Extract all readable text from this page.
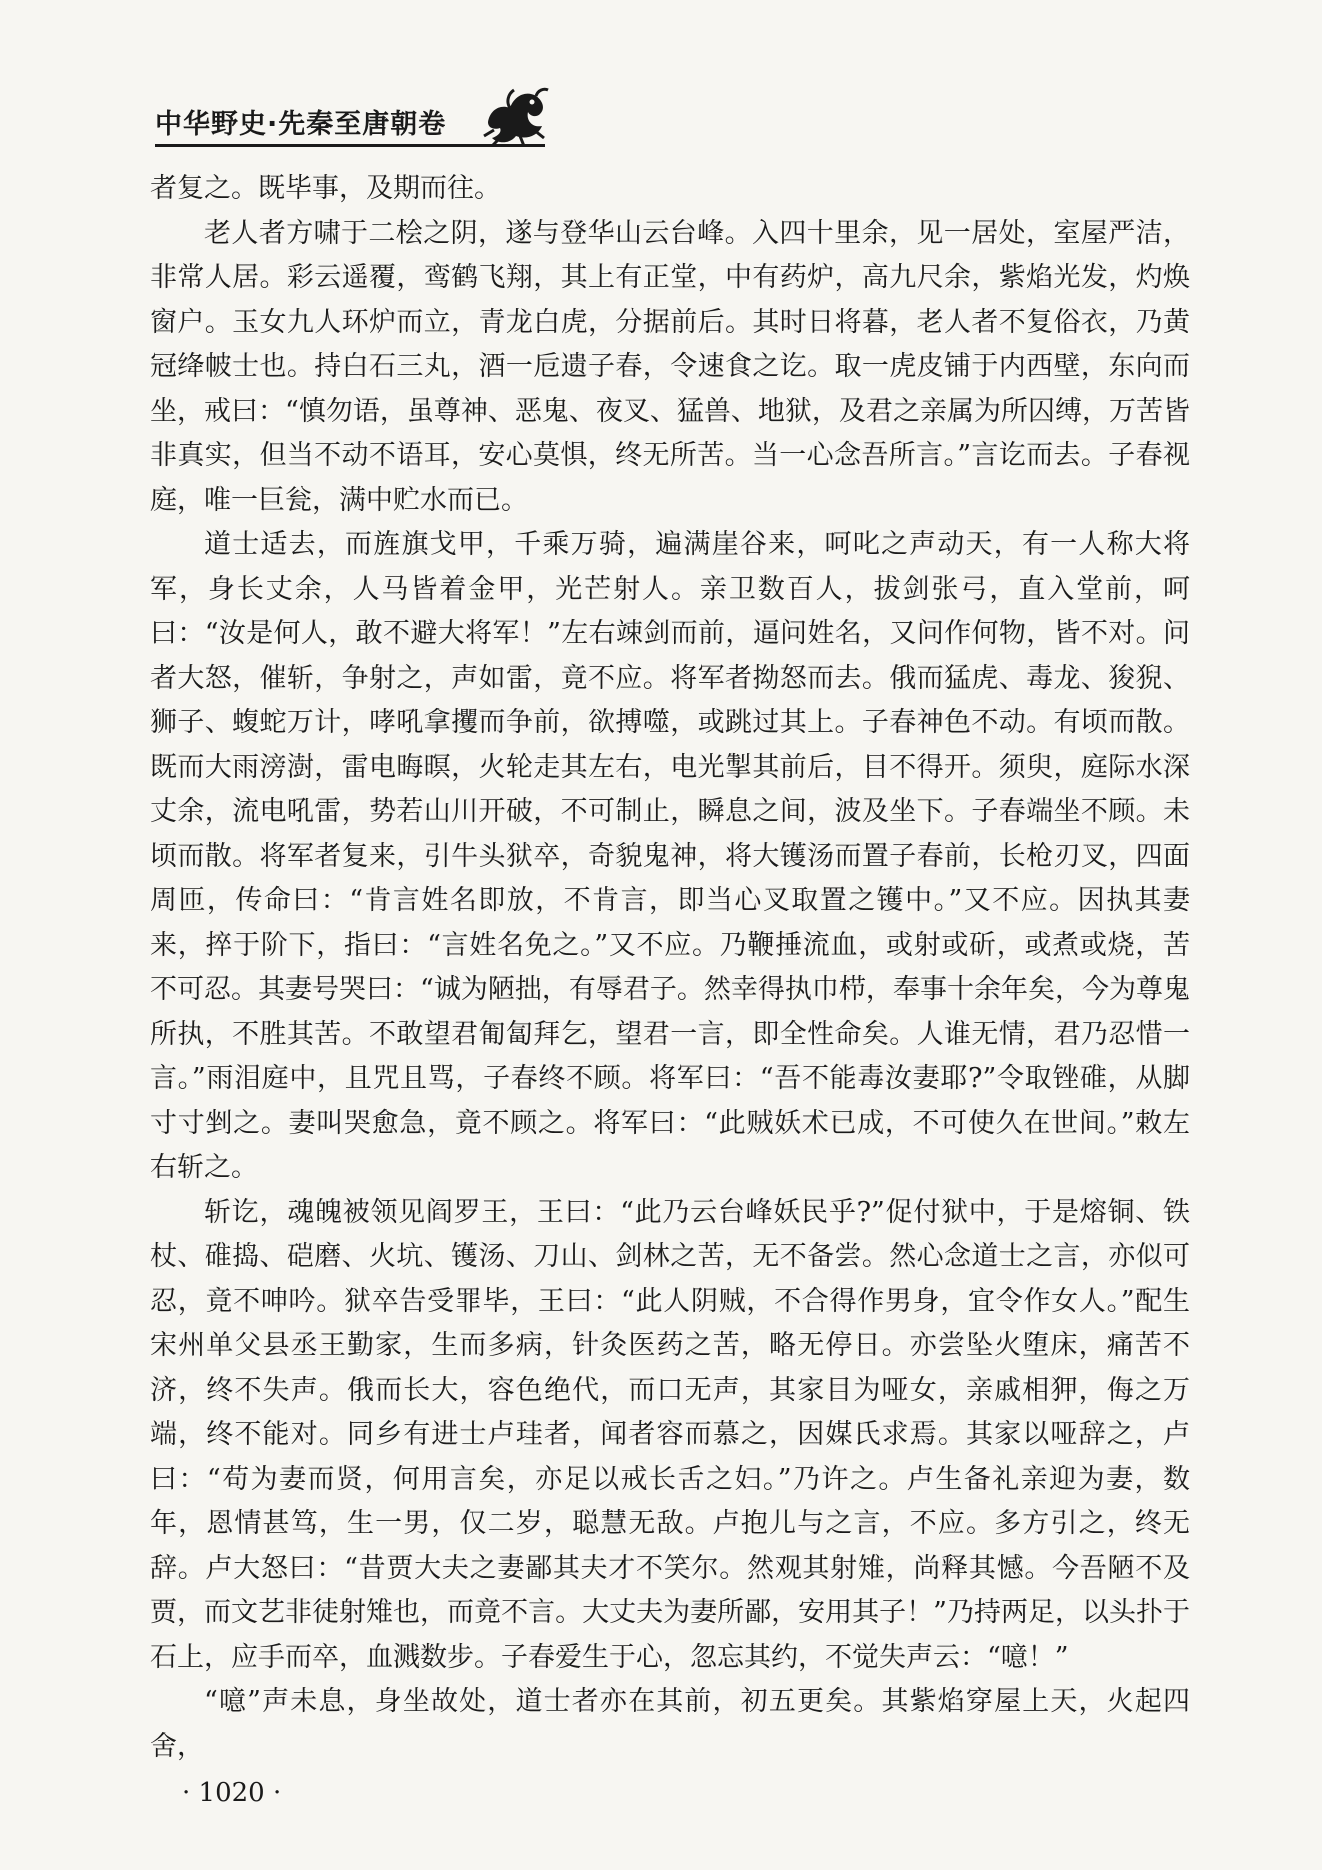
中华野史·先秦至唐朝卷

者复之。既毕事，及期而往。

老人者方啸于二桧之阴，遂与登华山云台峰。入四十里余，见一居处，室屋严洁，非常人居。彩云遥覆，鸾鹤飞翔，其上有正堂，中有药炉，高九尺余，紫焰光发，灼焕窗户。玉女九人环炉而立，青龙白虎，分据前后。其时日将暮，老人者不复俗衣，乃黄冠绛帔士也。持白石三丸，酒一卮遗子春，令速食之讫。取一虎皮铺于内西壁，东向而坐，戒曰：“慎勿语，虽尊神、恶鬼、夜叉、猛兽、地狱，及君之亲属为所囚缚，万苦皆非真实，但当不动不语耳，安心莫惧，终无所苦。当一心念吾所言。”言讫而去。子春视庭，唯一巨瓮，满中贮水而已。

道士适去，而旌旗戈甲，千乘万骑，遍满崖谷来，呵叱之声动天，有一人称大将军，身长丈余，人马皆着金甲，光芒射人。亲卫数百人，拔剑张弓，直入堂前，呵曰：“汝是何人，敢不避大将军！”左右竦剑而前，逼问姓名，又问作何物，皆不对。问者大怒，催斩，争射之，声如雷，竟不应。将军者拗怒而去。俄而猛虎、毒龙、狻猊、狮子、蝮蛇万计，哮吼拿攫而争前，欲搏噬，或跳过其上。子春神色不动。有顷而散。既而大雨滂澍，雷电晦暝，火轮走其左右，电光掣其前后，目不得开。须臾，庭际水深丈余，流电吼雷，势若山川开破，不可制止，瞬息之间，波及坐下。子春端坐不顾。未顷而散。将军者复来，引牛头狱卒，奇貌鬼神，将大镬汤而置子春前，长枪刃叉，四面周匝，传命曰：“肯言姓名即放，不肯言，即当心叉取置之镬中。”又不应。因执其妻来，捽于阶下，指曰：“言姓名免之。”又不应。乃鞭捶流血，或射或斫，或煮或烧，苦不可忍。其妻号哭曰：“诚为陋拙，有辱君子。然幸得执巾栉，奉事十余年矣，今为尊鬼所执，不胜其苦。不敢望君匍匐拜乞，望君一言，即全性命矣。人谁无情，君乃忍惜一言。”雨泪庭中，且咒且骂，子春终不顾。将军曰：“吾不能毒汝妻耶?”令取锉碓，从脚寸寸剉之。妻叫哭愈急，竟不顾之。将军曰：“此贼妖术已成，不可使久在世间。”敕左右斩之。

斩讫，魂魄被领见阎罗王，王曰：“此乃云台峰妖民乎?”促付狱中，于是熔铜、铁杖、碓捣、硙磨、火坑、镬汤、刀山、剑林之苦，无不备尝。然心念道士之言，亦似可忍，竟不呻吟。狱卒告受罪毕，王曰：“此人阴贼，不合得作男身，宜令作女人。”配生宋州单父县丞王勤家，生而多病，针灸医药之苦，略无停日。亦尝坠火堕床，痛苦不济，终不失声。俄而长大，容色绝代，而口无声，其家目为哑女，亲戚相狎，侮之万端，终不能对。同乡有进士卢珪者，闻者容而慕之，因媒氏求焉。其家以哑辞之，卢曰：“苟为妻而贤，何用言矣，亦足以戒长舌之妇。”乃许之。卢生备礼亲迎为妻，数年，恩情甚笃，生一男，仅二岁，聪慧无敌。卢抱儿与之言，不应。多方引之，终无辞。卢大怒曰：“昔贾大夫之妻鄙其夫才不笑尔。然观其射雉，尚释其憾。今吾陋不及贾，而文艺非徒射雉也，而竟不言。大丈夫为妻所鄙，安用其子！”乃持两足，以头扑于石上，应手而卒，血溅数步。子春爱生于心，忽忘其约，不觉失声云：“噫！”

“噫”声未息，身坐故处，道士者亦在其前，初五更矣。其紫焰穿屋上天，火起四舍，

· 1020 ·
